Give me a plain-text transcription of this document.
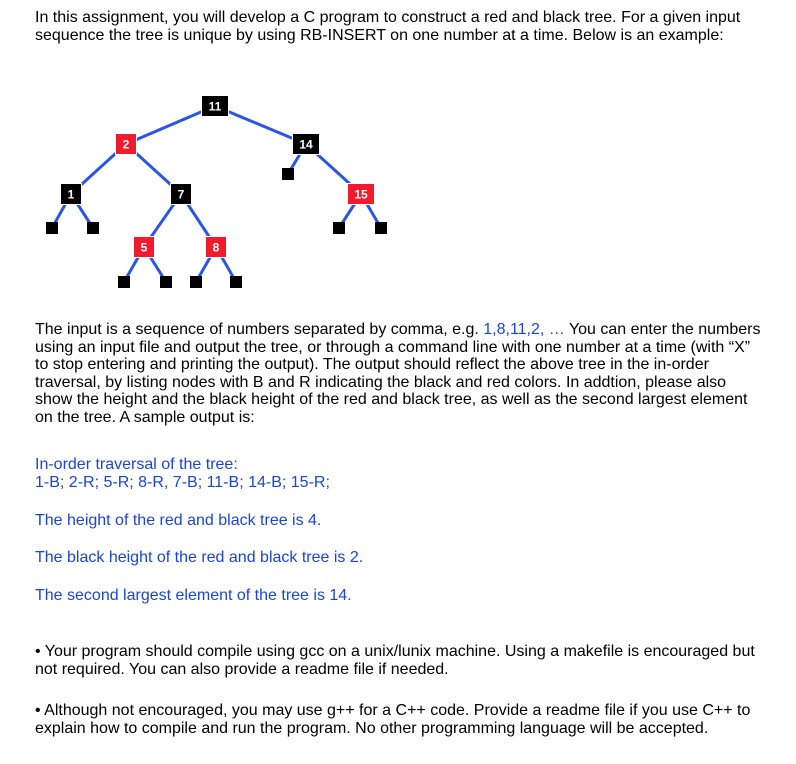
In this assignment, you will develop a C program to construct a red and black tree. For a given input sequence the tree is unique by using RB-INSERT on one number at a time. Below is an example:

11
2	14
1	7	15
5	8

The input is a sequence of numbers separated by comma, e.g. 1,8,11,2, … You can enter the numbers using an input file and output the tree, or through a command line with one number at a time (with “X” to stop entering and printing the output). The output should reflect the above tree in the in-order traversal, by listing nodes with B and R indicating the black and red colors. In addtion, please also show the height and the black height of the red and black tree, as well as the second largest element on the tree. A sample output is:

In-order traversal of the tree:

1-B; 2-R; 5-R; 8-R, 7-B; 11-B; 14-B; 15-R;

The height of the red and black tree is 4.

The black height of the red and black tree is 2.

The second largest element of the tree is 14.

• Your program should compile using gcc on a unix/lunix machine. Using a makefile is encouraged but not required. You can also provide a readme file if needed.

• Although not encouraged, you may use g++ for a C++ code. Provide a readme file if you use C++ to explain how to compile and run the program. No other programming language will be accepted.
